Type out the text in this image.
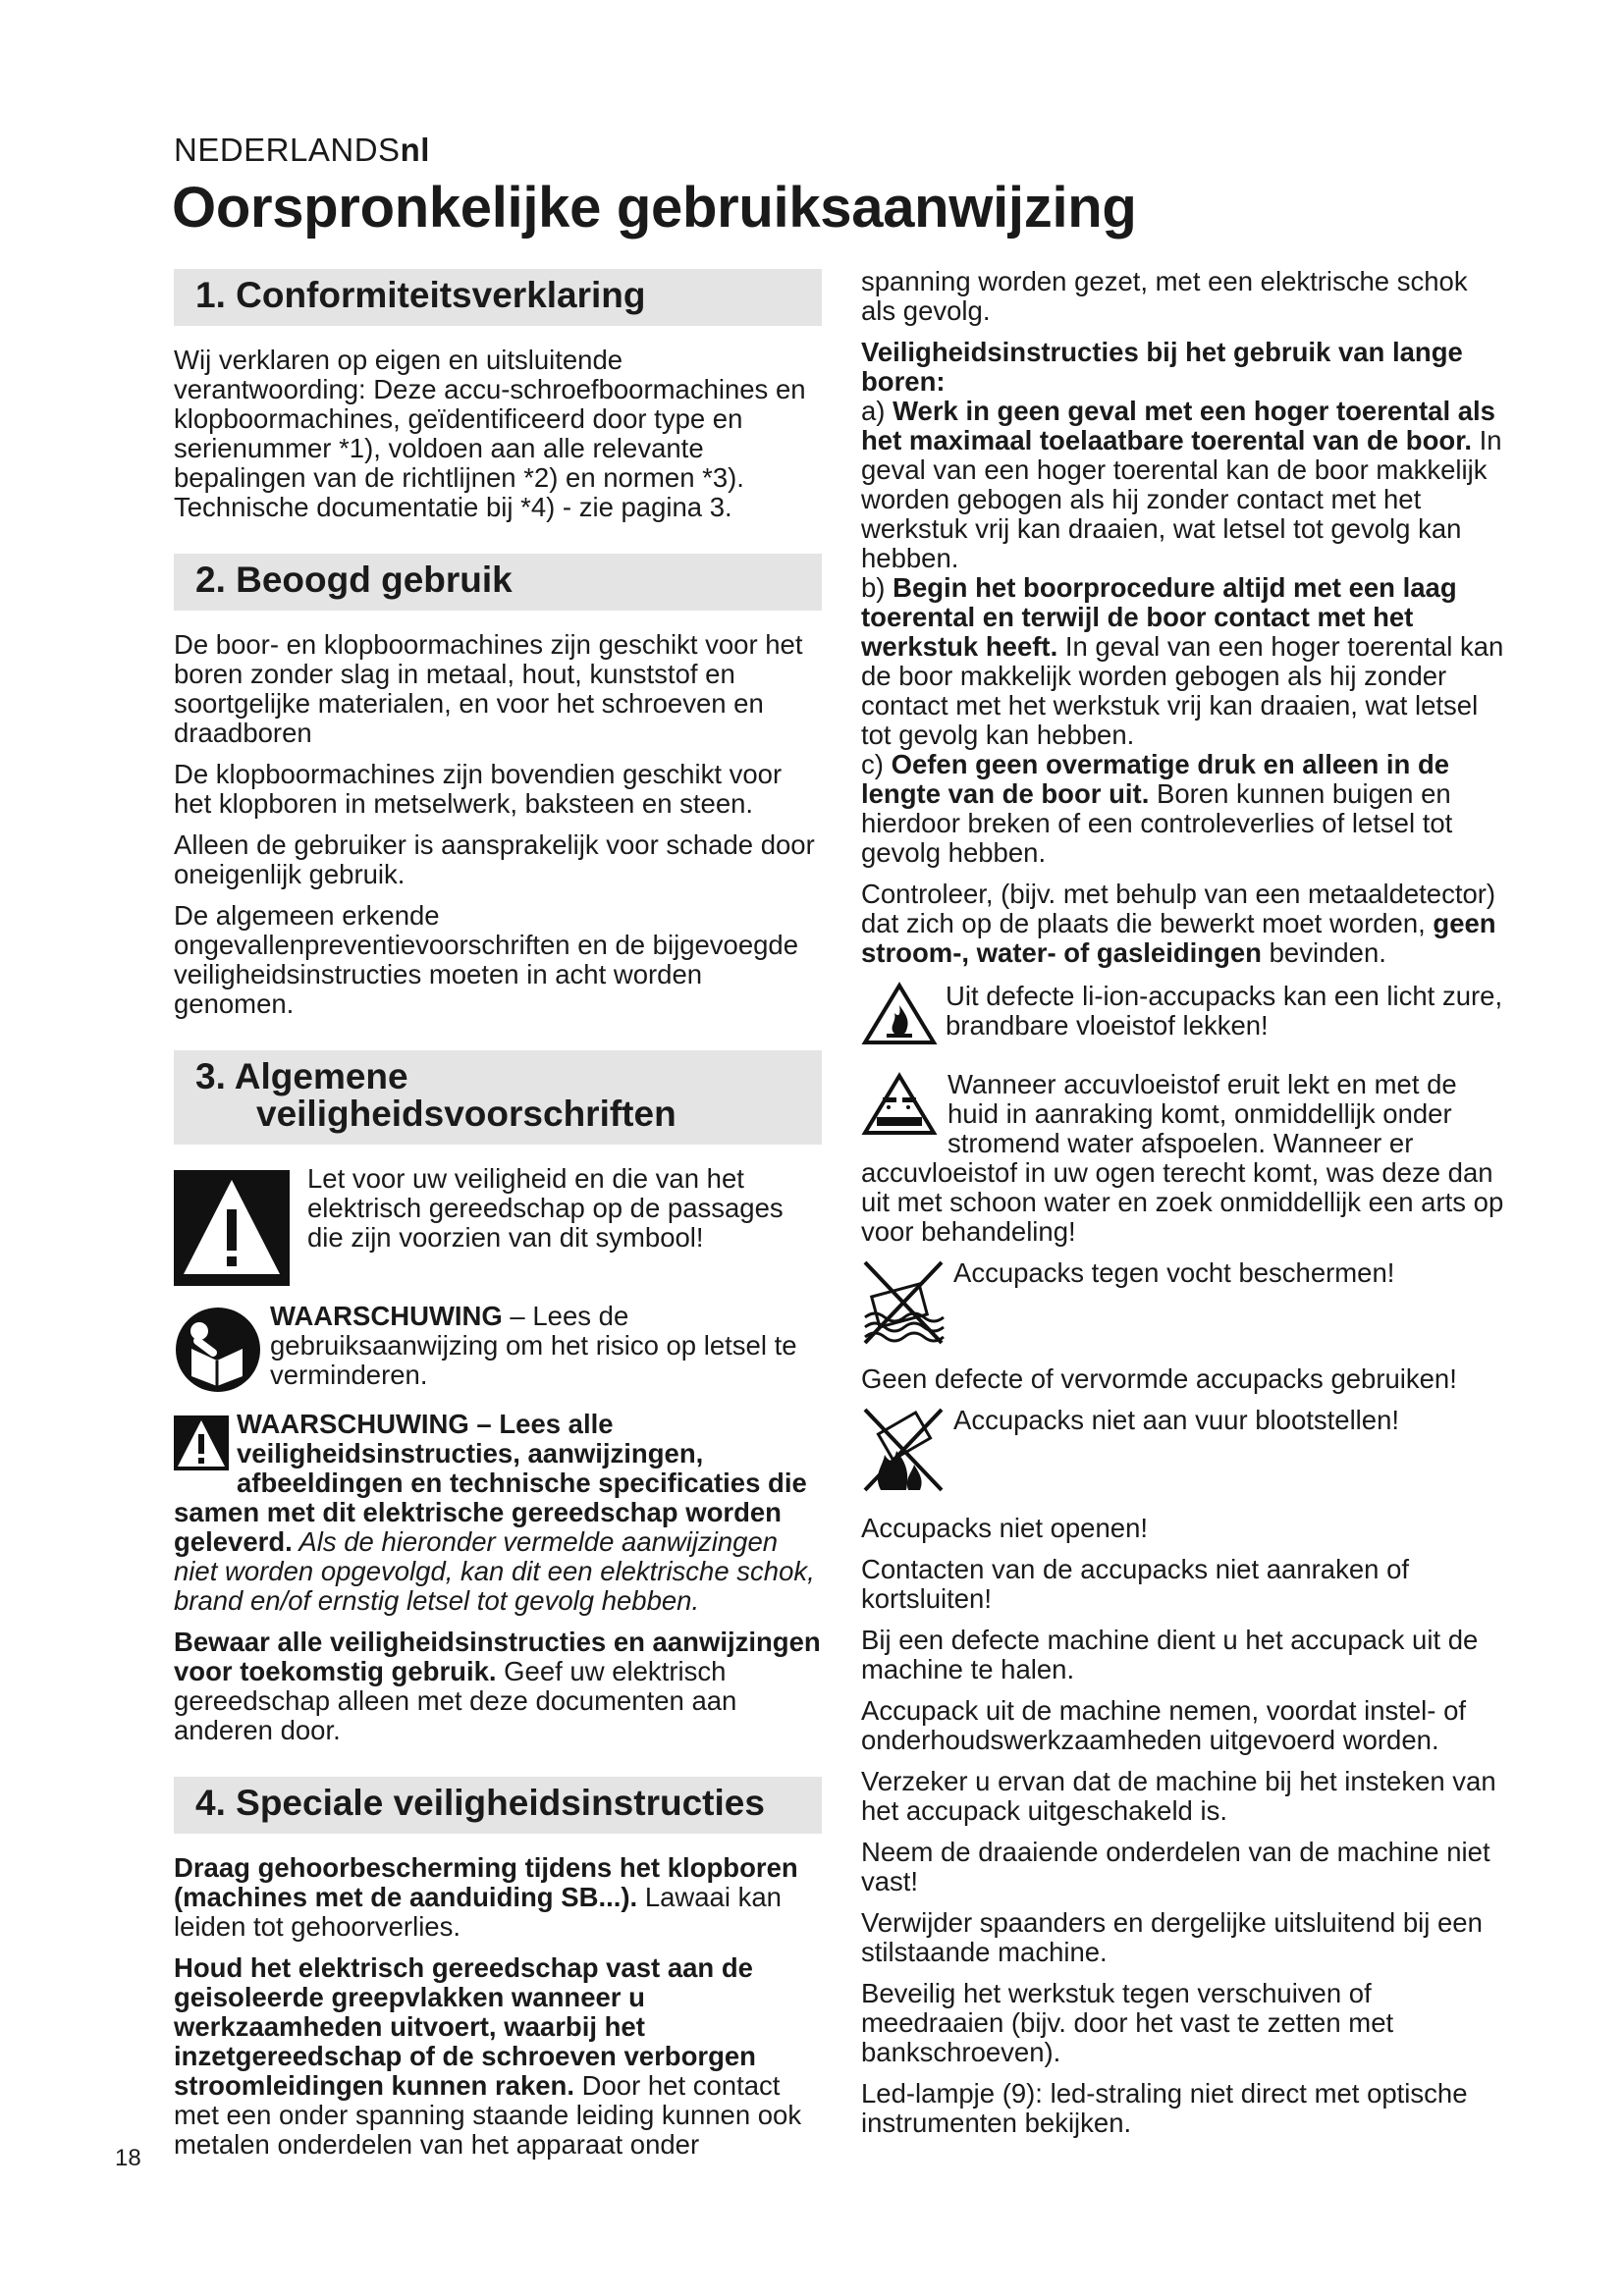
NEDERLANDSnl
Oorspronkelijke gebruiksaanwijzing
1. Conformiteitsverklaring

Wij verklaren op eigen en uitsluitende verantwoording: Deze accu-schroefboormachines en klopboormachines, geïdentificeerd door type en serienummer *1), voldoen aan alle relevante bepalingen van de richtlijnen *2) en normen *3). Technische documentatie bij *4) - zie pagina 3.

2. Beoogd gebruik

De boor- en klopboormachines zijn geschikt voor het boren zonder slag in metaal, hout, kunststof en soortgelijke materialen, en voor het schroeven en draadboren

De klopboormachines zijn bovendien geschikt voor het klopboren in metselwerk, baksteen en steen.

Alleen de gebruiker is aansprakelijk voor schade door oneigenlijk gebruik.

De algemeen erkende ongevallenpreventievoorschriften en de bijgevoegde veiligheidsinstructies moeten in acht worden genomen.

3. Algemene
veiligheidsvoorschriften
Let voor uw veiligheid en die van het elektrisch gereedschap op de passages die zijn voorzien van dit symbool!
WAARSCHUWING – Lees de gebruiksaanwijzing om het risico op letsel te verminderen.

WAARSCHUWING – Lees alle veiligheidsinstructies, aanwijzingen, afbeeldingen en technische specificaties die samen met dit elektrische gereedschap worden geleverd. Als de hieronder vermelde aanwijzingen niet worden opgevolgd, kan dit een elektrische schok, brand en/of ernstig letsel tot gevolg hebben.

Bewaar alle veiligheidsinstructies en aanwijzingen voor toekomstig gebruik. Geef uw elektrisch gereedschap alleen met deze documenten aan anderen door.

4. Speciale veiligheidsinstructies

Draag gehoorbescherming tijdens het klopboren (machines met de aanduiding SB...). Lawaai kan leiden tot gehoorverlies.

Houd het elektrisch gereedschap vast aan de geisoleerde greepvlakken wanneer u werkzaamheden uitvoert, waarbij het inzetgereedschap of de schroeven verborgen stroomleidingen kunnen raken. Door het contact met een onder spanning staande leiding kunnen ook metalen onderdelen van het apparaat onder

spanning worden gezet, met een elektrische schok als gevolg.

Veiligheidsinstructies bij het gebruik van lange boren:

a) Werk in geen geval met een hoger toerental als het maximaal toelaatbare toerental van de boor. In geval van een hoger toerental kan de boor makkelijk worden gebogen als hij zonder contact met het werkstuk vrij kan draaien, wat letsel tot gevolg kan hebben.

b) Begin het boorprocedure altijd met een laag toerental en terwijl de boor contact met het werkstuk heeft. In geval van een hoger toerental kan de boor makkelijk worden gebogen als hij zonder contact met het werkstuk vrij kan draaien, wat letsel tot gevolg kan hebben.

c) Oefen geen overmatige druk en alleen in de lengte van de boor uit. Boren kunnen buigen en hierdoor breken of een controleverlies of letsel tot gevolg hebben.

Controleer, (bijv. met behulp van een metaaldetector) dat zich op de plaats die bewerkt moet worden, geen stroom-, water- of gasleidingen bevinden.

Uit defecte li-ion-accupacks kan een licht zure, brandbare vloeistof lekken!
Wanneer accuvloeistof eruit lekt en met de huid in aanraking komt, onmiddellijk onder stromend water afspoelen. Wanneer er accuvloeistof in uw ogen terecht komt, was deze dan uit met schoon water en zoek onmiddellijk een arts op voor behandeling!
Accupacks tegen vocht beschermen!

Geen defecte of vervormde accupacks gebruiken!

Accupacks niet aan vuur blootstellen!

Accupacks niet openen!

Contacten van de accupacks niet aanraken of kortsluiten!

Bij een defecte machine dient u het accupack uit de machine te halen.

Accupack uit de machine nemen, voordat instel- of onderhoudswerkzaamheden uitgevoerd worden.

Verzeker u ervan dat de machine bij het insteken van het accupack uitgeschakeld is.

Neem de draaiende onderdelen van de machine niet vast!

Verwijder spaanders en dergelijke uitsluitend bij een stilstaande machine.

Beveilig het werkstuk tegen verschuiven of meedraaien (bijv. door het vast te zetten met bankschroeven).

Led-lampje (9): led-straling niet direct met optische instrumenten bekijken.

18
